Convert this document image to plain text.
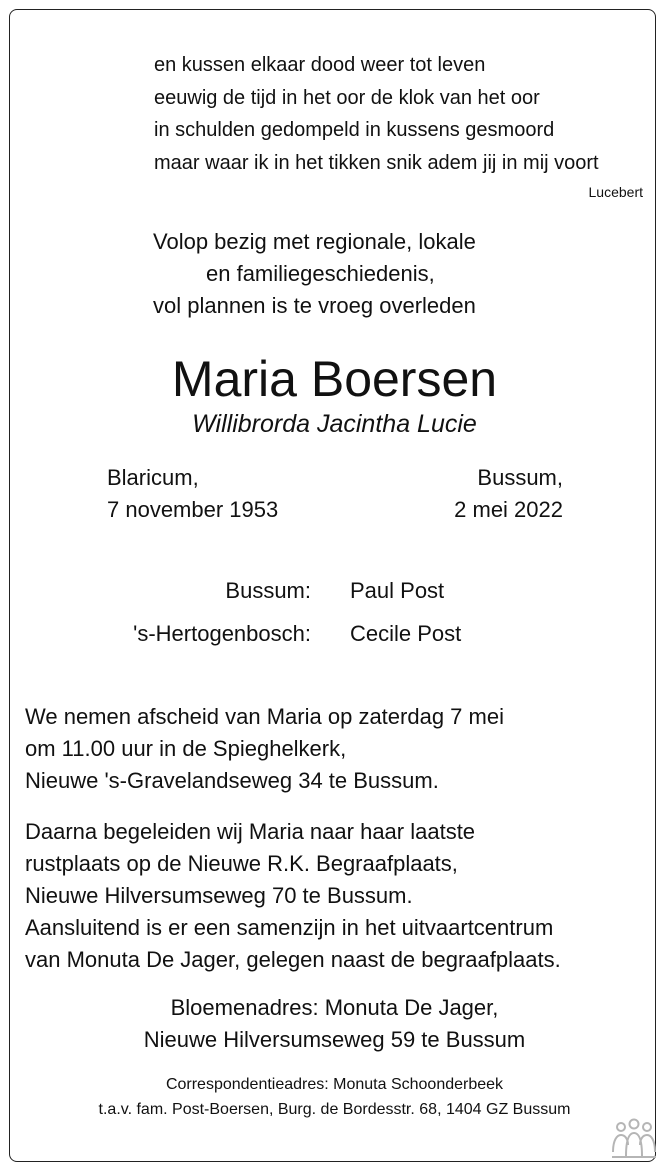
en kussen elkaar dood weer tot leven
eeuwig de tijd in het oor de klok van het oor
in schulden gedompeld in kussens gesmoord
maar waar ik in het tikken snik adem jij in mij voort
Lucebert
Volop bezig met regionale, lokale
en familiegeschiedenis,
vol plannen is te vroeg overleden
Maria Boersen
Willibrorda Jacintha Lucie
Blaricum,
7 november 1953
Bussum,
2 mei 2022
Bussum: Paul Post
's-Hertogenbosch: Cecile Post
We nemen afscheid van Maria op zaterdag 7 mei
om 11.00 uur in de Spieghelkerk,
Nieuwe 's-Gravelandseweg 34 te Bussum.
Daarna begeleiden wij Maria naar haar laatste
rustplaats op de Nieuwe R.K. Begraafplaats,
Nieuwe Hilversumseweg 70 te Bussum.
Aansluitend is er een samenzijn in het uitvaartcentrum
van Monuta De Jager, gelegen naast de begraafplaats.
Bloemenadres: Monuta De Jager,
Nieuwe Hilversumseweg 59 te Bussum
Correspondentieadres: Monuta Schoonderbeek
t.a.v. fam. Post-Boersen, Burg. de Bordesstr. 68, 1404 GZ Bussum
